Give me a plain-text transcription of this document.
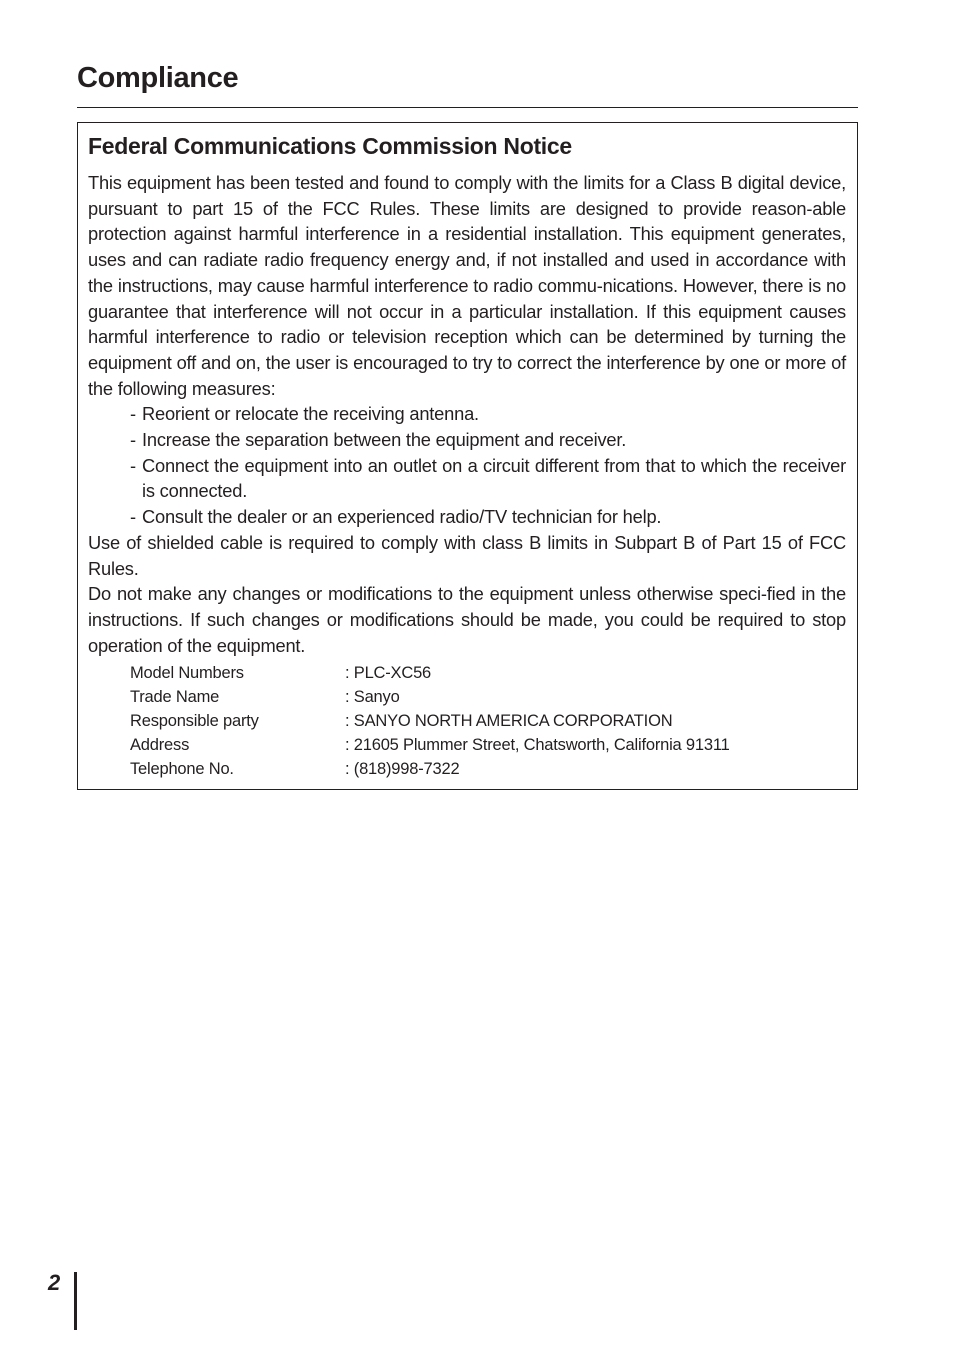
Compliance
Federal Communications Commission Notice

This equipment has been tested and found to comply with the limits for a Class B digital device, pursuant to part 15 of the FCC Rules. These limits are designed to provide reason-able protection against harmful interference in a residential installation. This equipment generates, uses and can radiate radio frequency energy and, if not installed and used in accordance with the instructions, may cause harmful interference to radio commu-nications. However, there is no guarantee that interference will not occur in a particular installation. If this equipment causes harmful interference to radio or television reception which can be determined by turning the equipment off and on, the user is encouraged to try to correct the interference by one or more of the following measures:

- Reorient or relocate the receiving antenna.
- Increase the separation between the equipment and receiver.
- Connect the equipment into an outlet on a circuit different from that to which the receiver is connected.
- Consult the dealer or an experienced radio/TV technician for help.

Use of shielded cable is required to comply with class B limits in Subpart B of Part 15 of FCC Rules.

Do not make any changes or modifications to the equipment unless otherwise speci-fied in the instructions. If such changes or modifications should be made, you could be required to stop operation of the equipment.

Model Numbers	: PLC-XC56
Trade Name	: Sanyo
Responsible party	: SANYO NORTH AMERICA CORPORATION
Address	: 21605 Plummer Street, Chatsworth, California 91311
Telephone No.	: (818)998-7322
2
